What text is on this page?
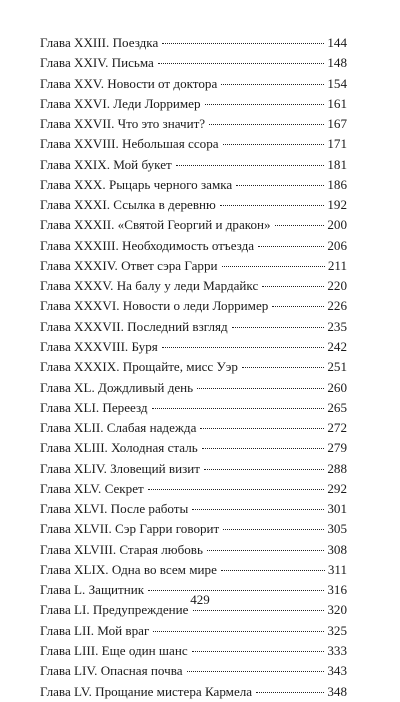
Глава XXIII. Поездка	144
Глава XXIV. Письма	148
Глава XXV. Новости от доктора	154
Глава XXVI. Леди Лорример	161
Глава XXVII. Что это значит?	167
Глава XXVIII. Небольшая ссора	171
Глава XXIX. Мой букет	181
Глава XXX. Рыцарь черного замка	186
Глава XXXI. Ссылка в деревню	192
Глава XXXII. «Святой Георгий и дракон»	200
Глава XXXIII. Необходимость отъезда	206
Глава XXXIV. Ответ сэра Гарри	211
Глава XXXV. На балу у леди Мардайкс	220
Глава XXXVI. Новости о леди Лорример	226
Глава XXXVII. Последний взгляд	235
Глава XXXVIII. Буря	242
Глава XXXIX. Прощайте, мисс Уэр	251
Глава XL. Дождливый день	260
Глава XLI. Переезд	265
Глава XLII. Слабая надежда	272
Глава XLIII. Холодная сталь	279
Глава XLIV. Зловещий визит	288
Глава XLV. Секрет	292
Глава XLVI. После работы	301
Глава XLVII. Сэр Гарри говорит	305
Глава XLVIII. Старая любовь	308
Глава XLIX. Одна во всем мире	311
Глава L. Защитник	316
Глава LI. Предупреждение	320
Глава LII. Мой враг	325
Глава LIII. Еще один шанс	333
Глава LIV. Опасная почва	343
Глава LV. Прощание мистера Кармела	348
429
